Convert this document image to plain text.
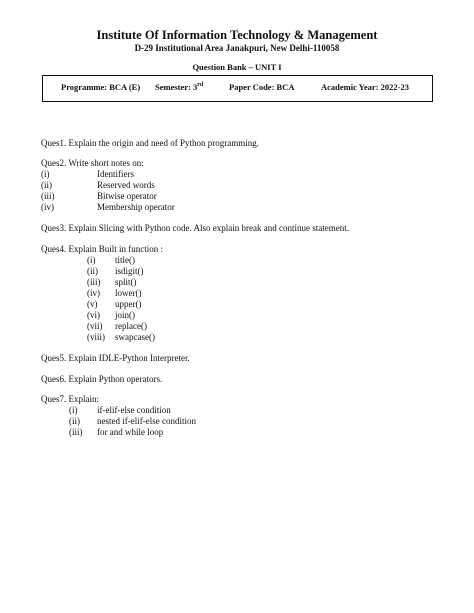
Institute Of Information Technology & Management
D-29 Institutional Area Janakpuri, New Delhi-110058
Question Bank – UNIT I
Programme: BCA (E) Semester: 3rd	Paper Code: BCA	Academic Year: 2022-23
Ques1. Explain the origin and need of Python programming.
Ques2. Write short notes on:
(i)	Identifiers
(ii)	Reserved words
(iii)	Bitwise operator
(iv)	Membership operator
Ques3. Explain Slicing with Python code. Also explain break and continue statement.
Ques4. Explain Built in function :
(i) title()
(ii) isdigit()
(iii) split()
(iv) lower()
(v) upper()
(vi) join()
(vii) replace()
(viii) swapcase()
Ques5. Explain IDLE-Python Interpreter.
Ques6. Explain Python operators.
Ques7. Explain:
(i) if-elif-else condition
(ii) nested if-elif-else condition
(iii) for and while loop
